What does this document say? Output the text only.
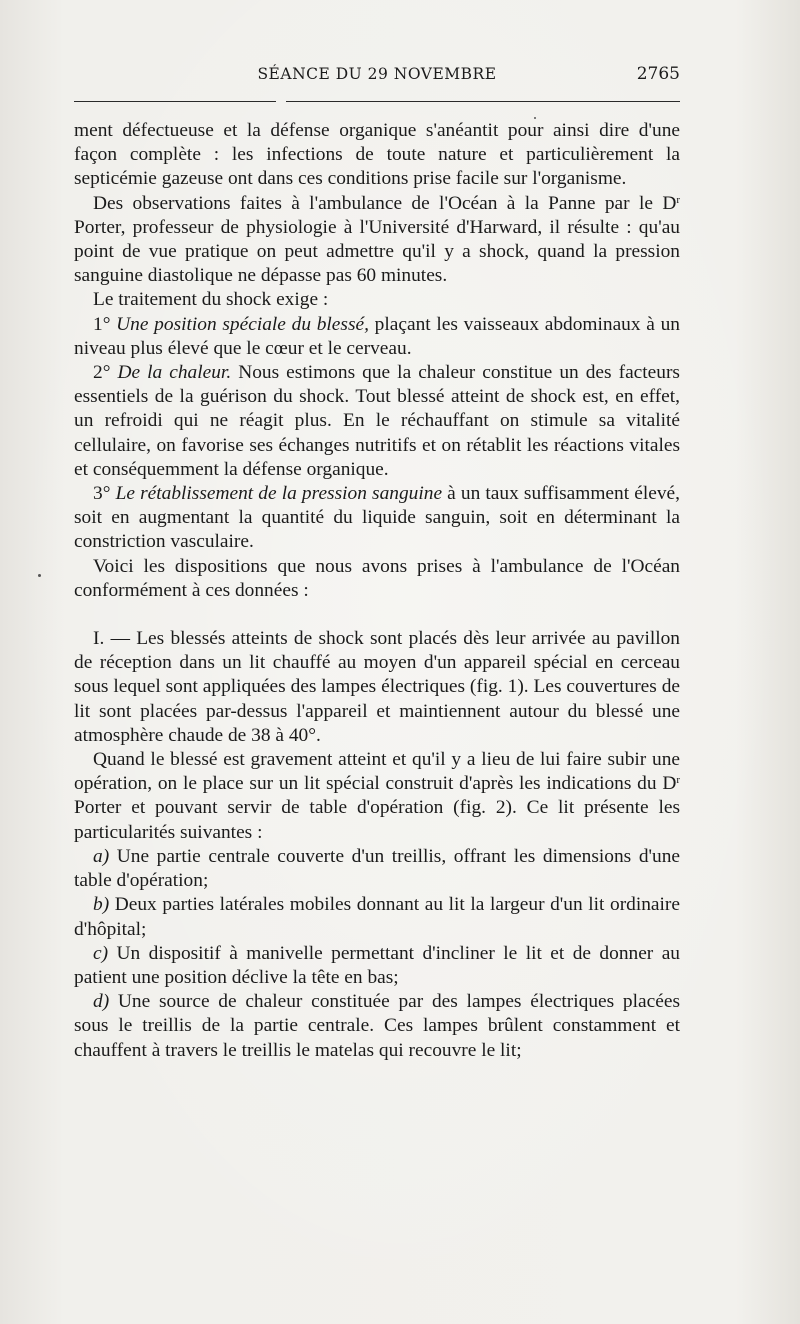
SÉANCE DU 29 NOVEMBRE	2765

ment défectueuse et la défense organique s'anéantit pour ainsi dire d'une façon complète : les infections de toute nature et particulièrement la septicémie gazeuse ont dans ces conditions prise facile sur l'organisme.

Des observations faites à l'ambulance de l'Océan à la Panne par le $D^r$ Porter, professeur de physiologie à l'Université d'Harward, il résulte : qu'au point de vue pratique on peut admettre qu'il y a shock, quand la pression sanguine diastolique ne dépasse pas 60 minutes.

Le traitement du shock exige :

1° Une position spéciale du blessé, plaçant les vaisseaux abdominaux à un niveau plus élevé que le cœur et le cerveau.

2° De la chaleur. Nous estimons que la chaleur constitue un des facteurs essentiels de la guérison du shock. Tout blessé atteint de shock est, en effet, un refroidi qui ne réagit plus. En le réchauffant on stimule sa vitalité cellulaire, on favorise ses échanges nutritifs et on rétablit les réactions vitales et conséquemment la défense organique.

3° Le rétablissement de la pression sanguine à un taux suffisamment élevé, soit en augmentant la quantité du liquide sanguin, soit en déterminant la constriction vasculaire.

Voici les dispositions que nous avons prises à l'ambulance de l'Océan conformément à ces données :

I. — Les blessés atteints de shock sont placés dès leur arrivée au pavillon de réception dans un lit chauffé au moyen d'un appareil spécial en cerceau sous lequel sont appliquées des lampes électriques (fig. 1). Les couvertures de lit sont placées par-dessus l'appareil et maintiennent autour du blessé une atmosphère chaude de 38 à 40°.

Quand le blessé est gravement atteint et qu'il y a lieu de lui faire subir une opération, on le place sur un lit spécial construit d'après les indications du $D^r$ Porter et pouvant servir de table d'opération (fig. 2). Ce lit présente les particularités suivantes :

a) Une partie centrale couverte d'un treillis, offrant les dimensions d'une table d'opération;

b) Deux parties latérales mobiles donnant au lit la largeur d'un lit ordinaire d'hôpital;

c) Un dispositif à manivelle permettant d'incliner le lit et de donner au patient une position déclive la tête en bas;

d) Une source de chaleur constituée par des lampes électriques placées sous le treillis de la partie centrale. Ces lampes brûlent constamment et chauffent à travers le treillis le matelas qui recouvre le lit;
